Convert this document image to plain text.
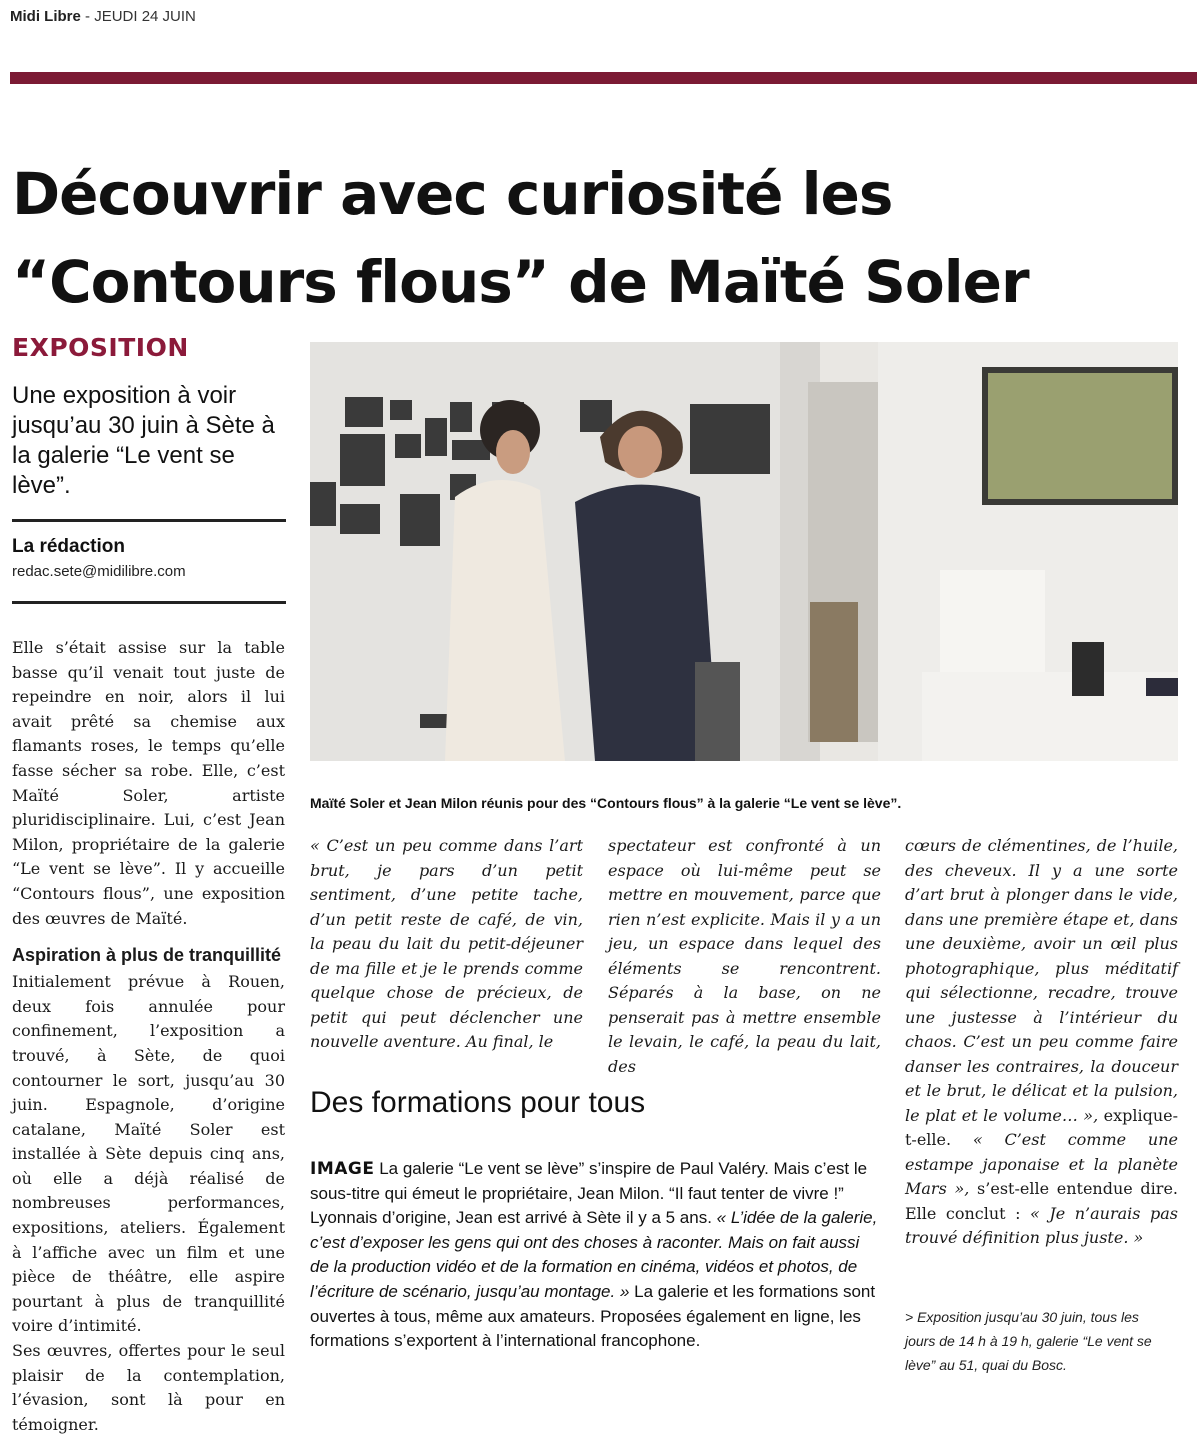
Midi Libre - JEUDI 24 JUIN
Découvrir avec curiosité les
“Contours flous” de Maïté Soler
EXPOSITION
Une exposition à voir jusqu’au 30 juin à Sète à la galerie “Le vent se lève”.
La rédaction
redac.sete@midilibre.com

Elle s’était assise sur la table basse qu’il venait tout juste de repeindre en noir, alors il lui avait prêté sa chemise aux flamants roses, le temps qu’elle fasse sécher sa robe. Elle, c’est Maïté Soler, artiste pluridisciplinaire. Lui, c’est Jean Milon, propriétaire de la galerie “Le vent se lève”. Il y accueille “Contours flous”, une exposition des œuvres de Maïté.

Aspiration à plus de tranquillité

Initialement prévue à Rouen, deux fois annulée pour confinement, l’exposition a trouvé, à Sète, de quoi contourner le sort, jusqu’au 30 juin. Espagnole, d’origine catalane, Maïté Soler est installée à Sète depuis cinq ans, où elle a déjà réalisé de nombreuses performances, expositions, ateliers. Également à l’affiche avec un film et une pièce de théâtre, elle aspire pourtant à plus de tranquillité voire d’intimité.

Ses œuvres, offertes pour le seul plaisir de la contemplation, l’évasion, sont là pour en témoigner.

Maïté Soler et Jean Milon réunis pour des “Contours flous” à la galerie “Le vent se lève”.

« C’est un peu comme dans l’art brut, je pars d’un petit sentiment, d’une petite tache, d’un petit reste de café, de vin, la peau du lait du petit-déjeuner de ma fille et je le prends comme quelque chose de précieux, de petit qui peut déclencher une nouvelle aventure. Au final, le

spectateur est confronté à un espace où lui-même peut se mettre en mouvement, parce que rien n’est explicite. Mais il y a un jeu, un espace dans lequel des éléments se rencontrent. Séparés à la base, on ne penserait pas à mettre ensemble le levain, le café, la peau du lait, des

cœurs de clémentines, de l’huile, des cheveux. Il y a une sorte d’art brut à plonger dans le vide, dans une première étape et, dans une deuxième, avoir un œil plus photographique, plus méditatif qui sélectionne, recadre, trouve une justesse à l’intérieur du chaos. C’est un peu comme faire danser les contraires, la douceur et le brut, le délicat et la pulsion, le plat et le volume… », explique-t-elle. « C’est comme une estampe japonaise et la planète Mars », s’est-elle entendue dire. Elle conclut : « Je n’aurais pas trouvé définition plus juste. »

Des formations pour tous
IMAGE La galerie “Le vent se lève” s’inspire de Paul Valéry. Mais c’est le sous-titre qui émeut le propriétaire, Jean Milon. “Il faut tenter de vivre !” Lyonnais d’origine, Jean est arrivé à Sète il y a 5 ans. « L’idée de la galerie, c’est d’exposer les gens qui ont des choses à raconter. Mais on fait aussi de la production vidéo et de la formation en cinéma, vidéos et photos, de l’écriture de scénario, jusqu’au montage. » La galerie et les formations sont ouvertes à tous, même aux amateurs. Proposées également en ligne, les formations s’exportent à l’international francophone.
> Exposition jusqu’au 30 juin, tous les jours de 14 h à 19 h, galerie “Le vent se lève” au 51, quai du Bosc.
